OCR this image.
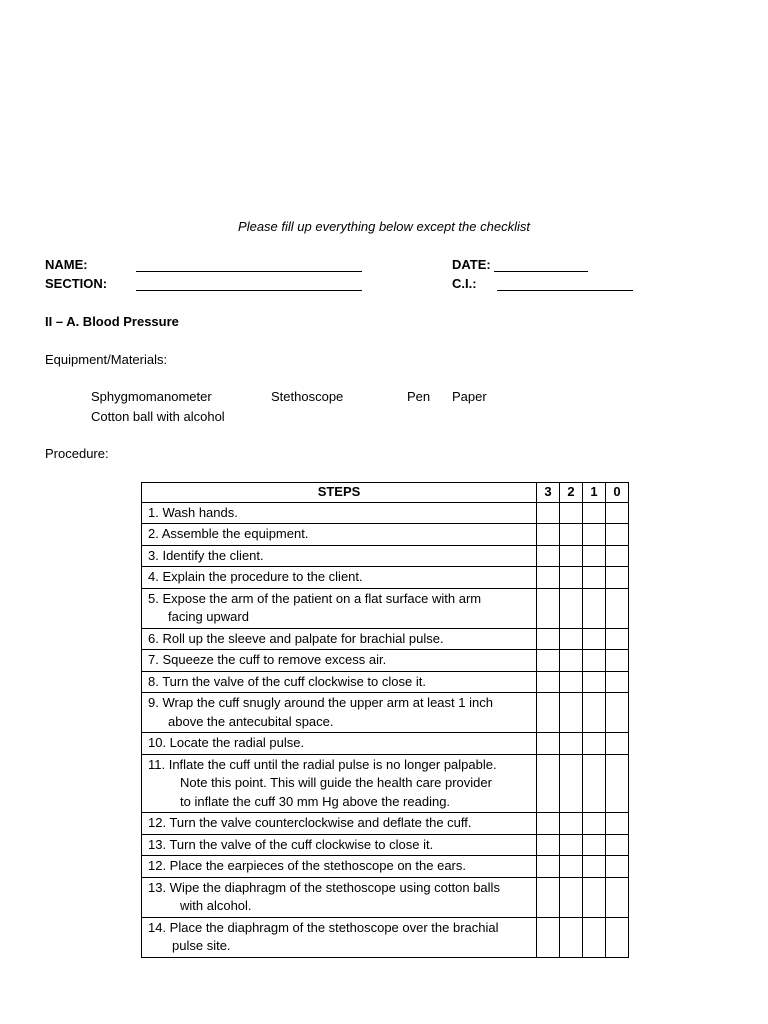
Please fill up everything below except the checklist
NAME:
SECTION:
DATE:
C.I.:
II – A. Blood Pressure
Equipment/Materials:
Sphygmomanometer	Stethoscope	Pen Paper
Cotton ball with alcohol
Procedure:
STEPS	3	2	1	0
1. Wash hands.				
2. Assemble the equipment.				
3. Identify the client.				
4. Explain the procedure to the client.				
5. Expose the arm of the patient on a flat surface with arm
facing upward				

6. Roll up the sleeve and palpate for brachial pulse.				
7. Squeeze the cuff to remove excess air.				
8. Turn the valve of the cuff clockwise to close it.				
9. Wrap the cuff snugly around the upper arm at least 1 inch
above the antecubital space.				

10. Locate the radial pulse.				
11. Inflate the cuff until the radial pulse is no longer palpable.
Note this point. This will guide the health care provider
to inflate the cuff 30 mm Hg above the reading.				

12. Turn the valve counterclockwise and deflate the cuff.				
13. Turn the valve of the cuff clockwise to close it.				
12. Place the earpieces of the stethoscope on the ears.				
13. Wipe the diaphragm of the stethoscope using cotton balls
with alcohol.				

14. Place the diaphragm of the stethoscope over the brachial
pulse site.				
